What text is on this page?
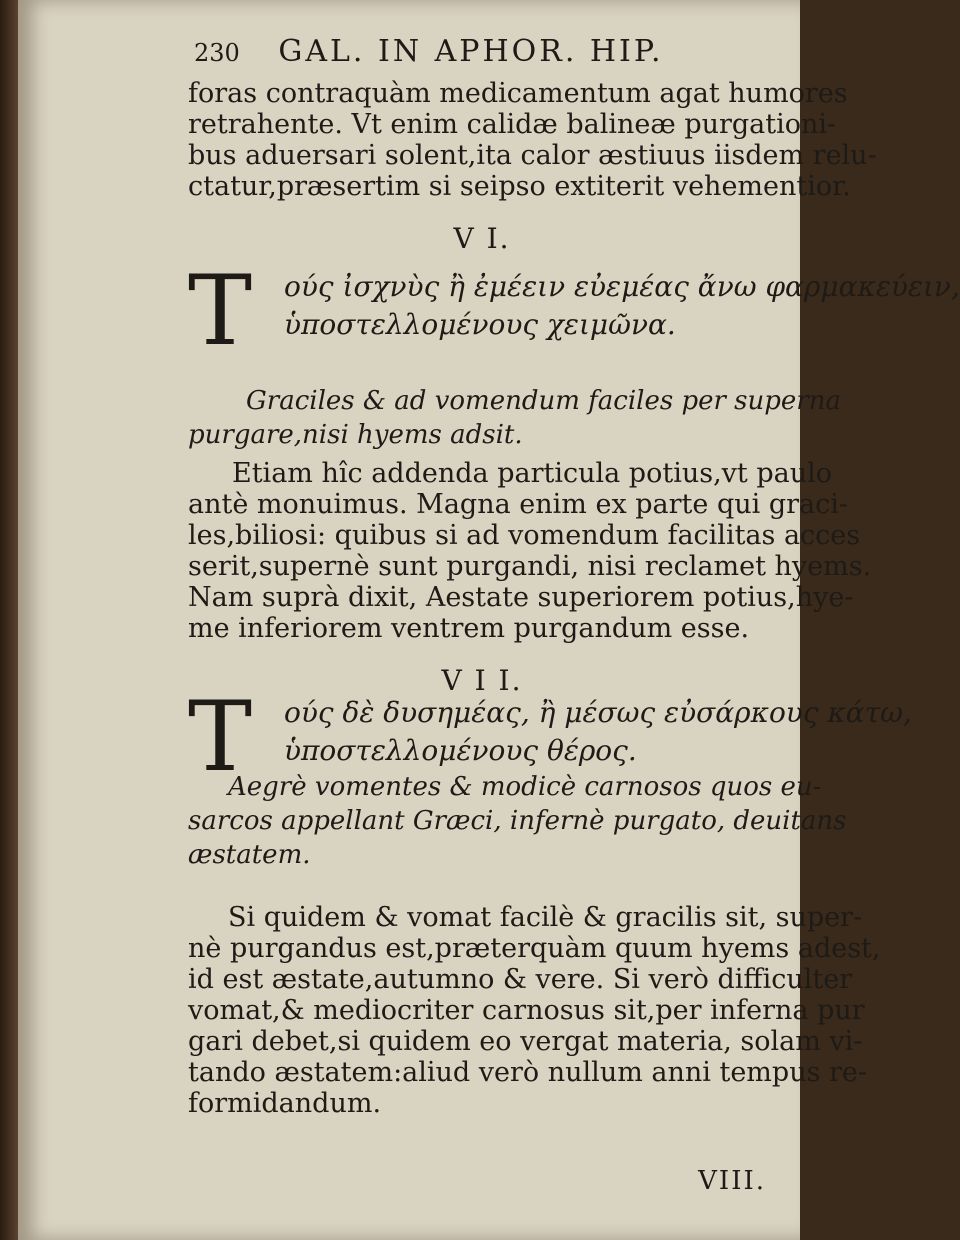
230 GAL. IN APHOR. HIP.

foras contraquàm medicamentum agat humores

retrahente. Vt enim calidæ balineæ purgationi-

bus aduersari solent,ita calor æstiuus iisdem relu-

ctatur,præsertim si seipso extiterit vehementior.

V I.

T	ούς ἰσχνὺς ἢ ἐμέειν εὐεμέας ἄνω φαρμακεύειν,
ὑποστελλομένους χειμῶνα.

Graciles & ad vomendum faciles per superna

purgare,nisi hyems adsit.

Etiam hîc addenda particula potius,vt paulo

antè monuimus. Magna enim ex parte qui graci-

les,biliosi: quibus si ad vomendum facilitas acces

serit,supernè sunt purgandi, nisi reclamet hyems.

Nam suprà dixit, Aestate superiorem potius,hye-

me inferiorem ventrem purgandum esse.

V I I.

T	ούς δὲ δυσημέας, ἢ μέσως εὐσάρκους κάτω,
ὑποστελλομένους θέρος.

Aegrè vomentes & modicè carnosos quos eu-

sarcos appellant Græci, infernè purgato, deuitans

æstatem.

Si quidem & vomat facilè & gracilis sit, super-

nè purgandus est,prӕterquàm quum hyems adest,

id est æstate,autumno & vere. Si verò difficulter

vomat,& mediocriter carnosus sit,per inferna pur

gari debet,si quidem eo vergat materia, solam vi-

tando æstatem:aliud verò nullum anni tempus re-

formidandum.

VIII.
